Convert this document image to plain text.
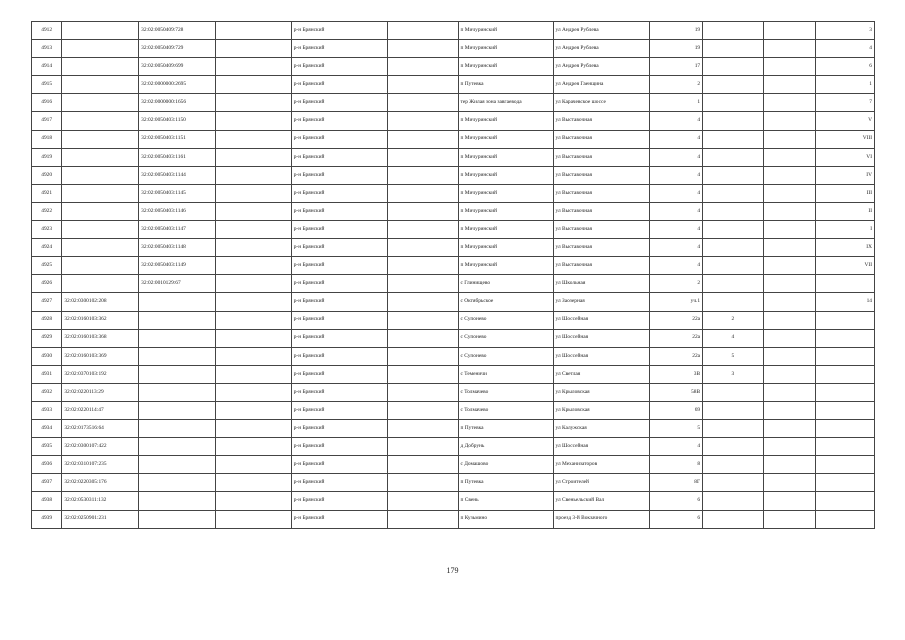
4912		32:02:0050409:728		р-н Брянский		п Мичуринский	ул Андрея Рублева	19			3
4913		32:02:0050409:729		р-н Брянский		п Мичуринский	ул Андрея Рублева	19			4
4914		32:02:0050409:699		р-н Брянский		п Мичуринский	ул Андрея Рублева	17			6
4915		32:02:0000000:2695		р-н Брянский		п Путевка	ул Андрея Гаенщина	2			1
4916		32:02:0000000:1656		р-н Брянский		тер Жилая зона завгаевода	ул Карачевское шоссе	1			7
4917		32:02:0050403:1150		р-н Брянский		п Мичуринский	ул Выставочная	4			V
4918		32:02:0050403:1151		р-н Брянский		п Мичуринский	ул Выставочная	4			VIII
4919		32:02:0050403:1161		р-н Брянский		п Мичуринский	ул Выставочная	4			VI
4920		32:02:0050403:1144		р-н Брянский		п Мичуринский	ул Выставочная	4			IV
4921		32:02:0050403:1145		р-н Брянский		п Мичуринский	ул Выставочная	4			III
4922		32:02:0050403:1146		р-н Брянский		п Мичуринский	ул Выставочная	4			II
4923		32:02:0050403:1147		р-н Брянский		п Мичуринский	ул Выставочная	4			I
4924		32:02:0050403:1148		р-н Брянский		п Мичуринский	ул Выставочная	4			IX
4925		32:02:0050403:1149		р-н Брянский		п Мичуринский	ул Выставочная	4			VII
4926		32:02:0010129:67		р-н Брянский		с Глинищево	ул Школьная	2			
4927	32:02:0300102:208			р-н Брянский		с Октябрьское	ул Заозерная	уч.1			14
4928	32:02:0160103:362			р-н Брянский		с Супонево	ул Шоссейная	22а	2		
4929	32:02:0160103:368			р-н Брянский		с Супонево	ул Шоссейная	22а	4		
4930	32:02:0160103:369			р-н Брянский		с Супонево	ул Шоссейная	22а	5		
4931	32:02:0370103:192			р-н Брянский		с Теменичи	ул Светлая	3В	3		
4932	32:02:0220113:29			р-н Брянский		с Толмачево	ул Крыловская	58В			
4933	32:02:0220114:47			р-н Брянский		с Толмачево	ул Крыловская	69			
4934	32:02:0173516:64			р-н Брянский		п Путевка	ул Калужская	5			
4935	32:02:0300107:422			р-н Брянский		д Добрунь	ул Шоссейная	4			
4936	32:02:0310107:235			р-н Брянский		с Домашово	ул Механизаторов	8			
4937	32:02:0220305:176			р-н Брянский		п Путевка	ул Строителей	8Г			
4938	32:02:0530311:132			р-н Брянский		п Свень	ул Свеньельский Вал	6			
4939	32:02:0250901:231			р-н Брянский		п Кузьмино	проезд 3-й Вокзачного	6			
179
